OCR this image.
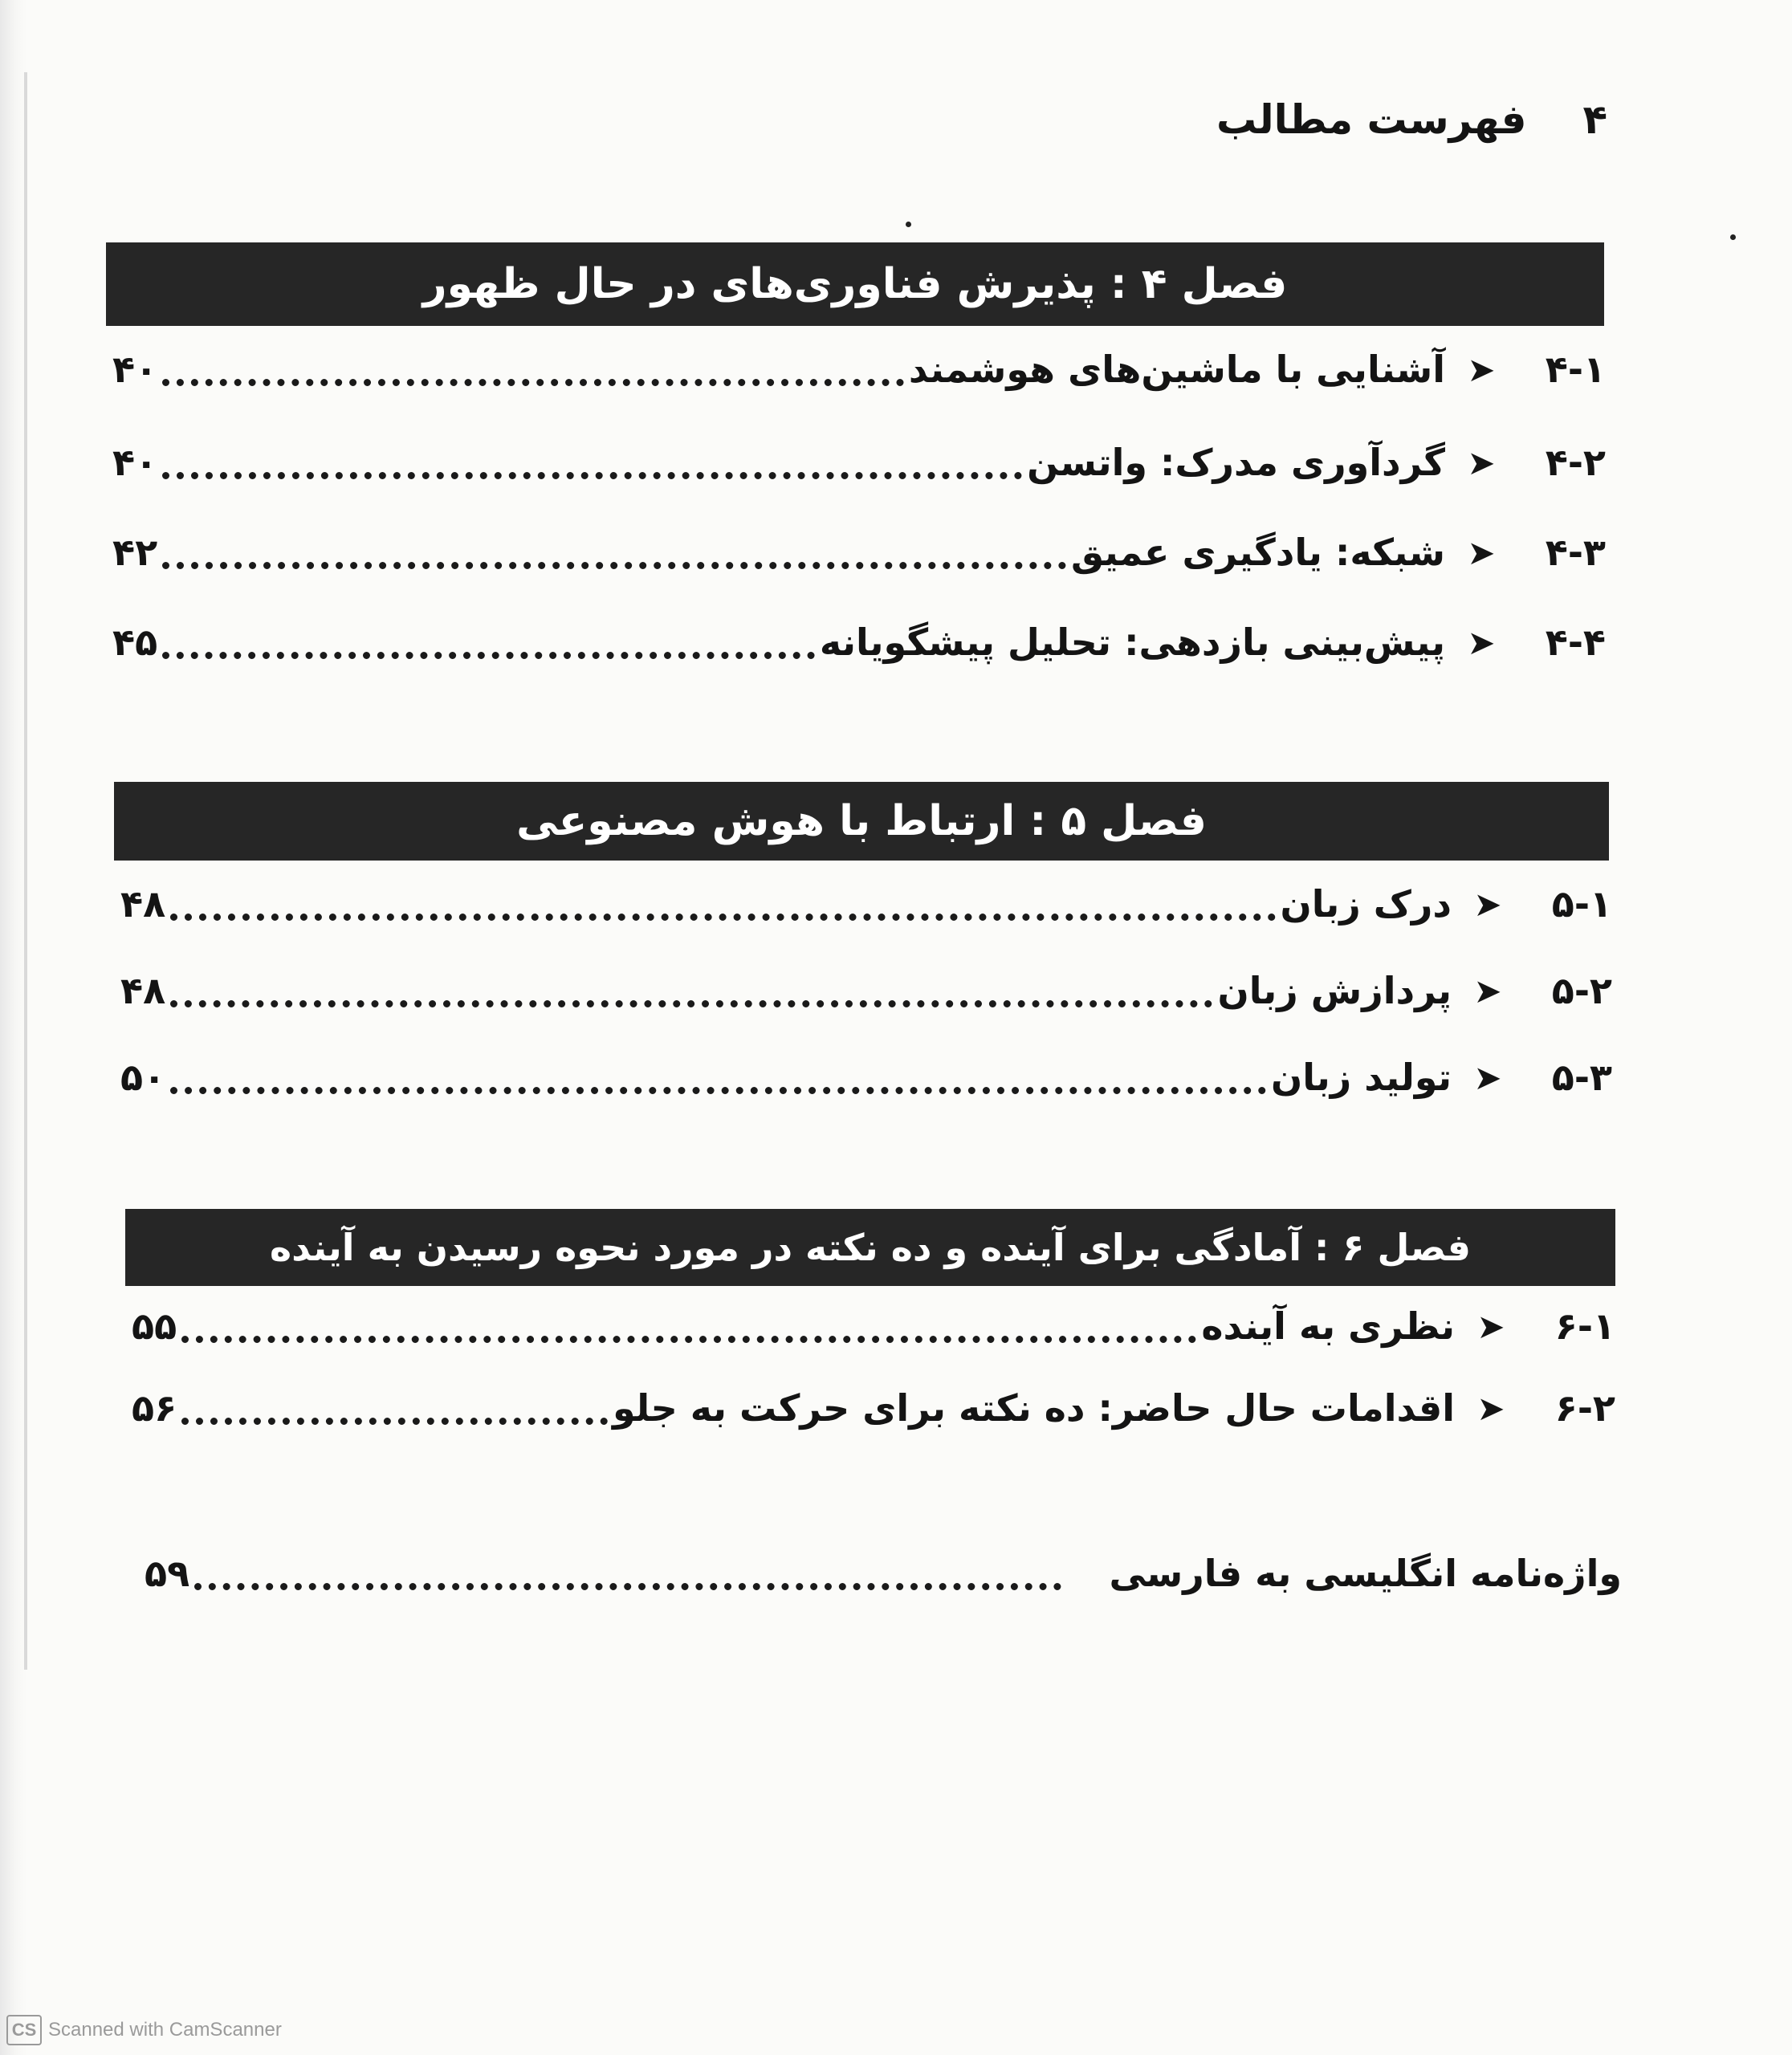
۴
فهرست مطالب
فصل ۴ : پذیرش فناوری‌های در حال ظهور
۴-۱
➤
آشنایی با ماشین‌های هوشمند
۴۰
۴-۲
➤
گردآوری مدرک: واتسن
۴۰
۴-۳
➤
شبکه: یادگیری عمیق
۴۲
۴-۴
➤
پیش‌بینی بازدهی: تحلیل پیشگویانه
۴۵
فصل ۵ : ارتباط با هوش مصنوعی
۵-۱
➤
درک زبان
۴۸
۵-۲
➤
پردازش زبان
۴۸
۵-۳
➤
تولید زبان
۵۰
فصل ۶ : آمادگی برای آینده و ده نکته در مورد نحوه رسیدن به آینده
۶-۱
➤
نظری به آینده
۵۵
۶-۲
➤
اقدامات حال حاضر: ده نکته برای حرکت به جلو
۵۶
واژه‌نامه انگلیسی به فارسی
۵۹
CS Scanned with CamScanner
